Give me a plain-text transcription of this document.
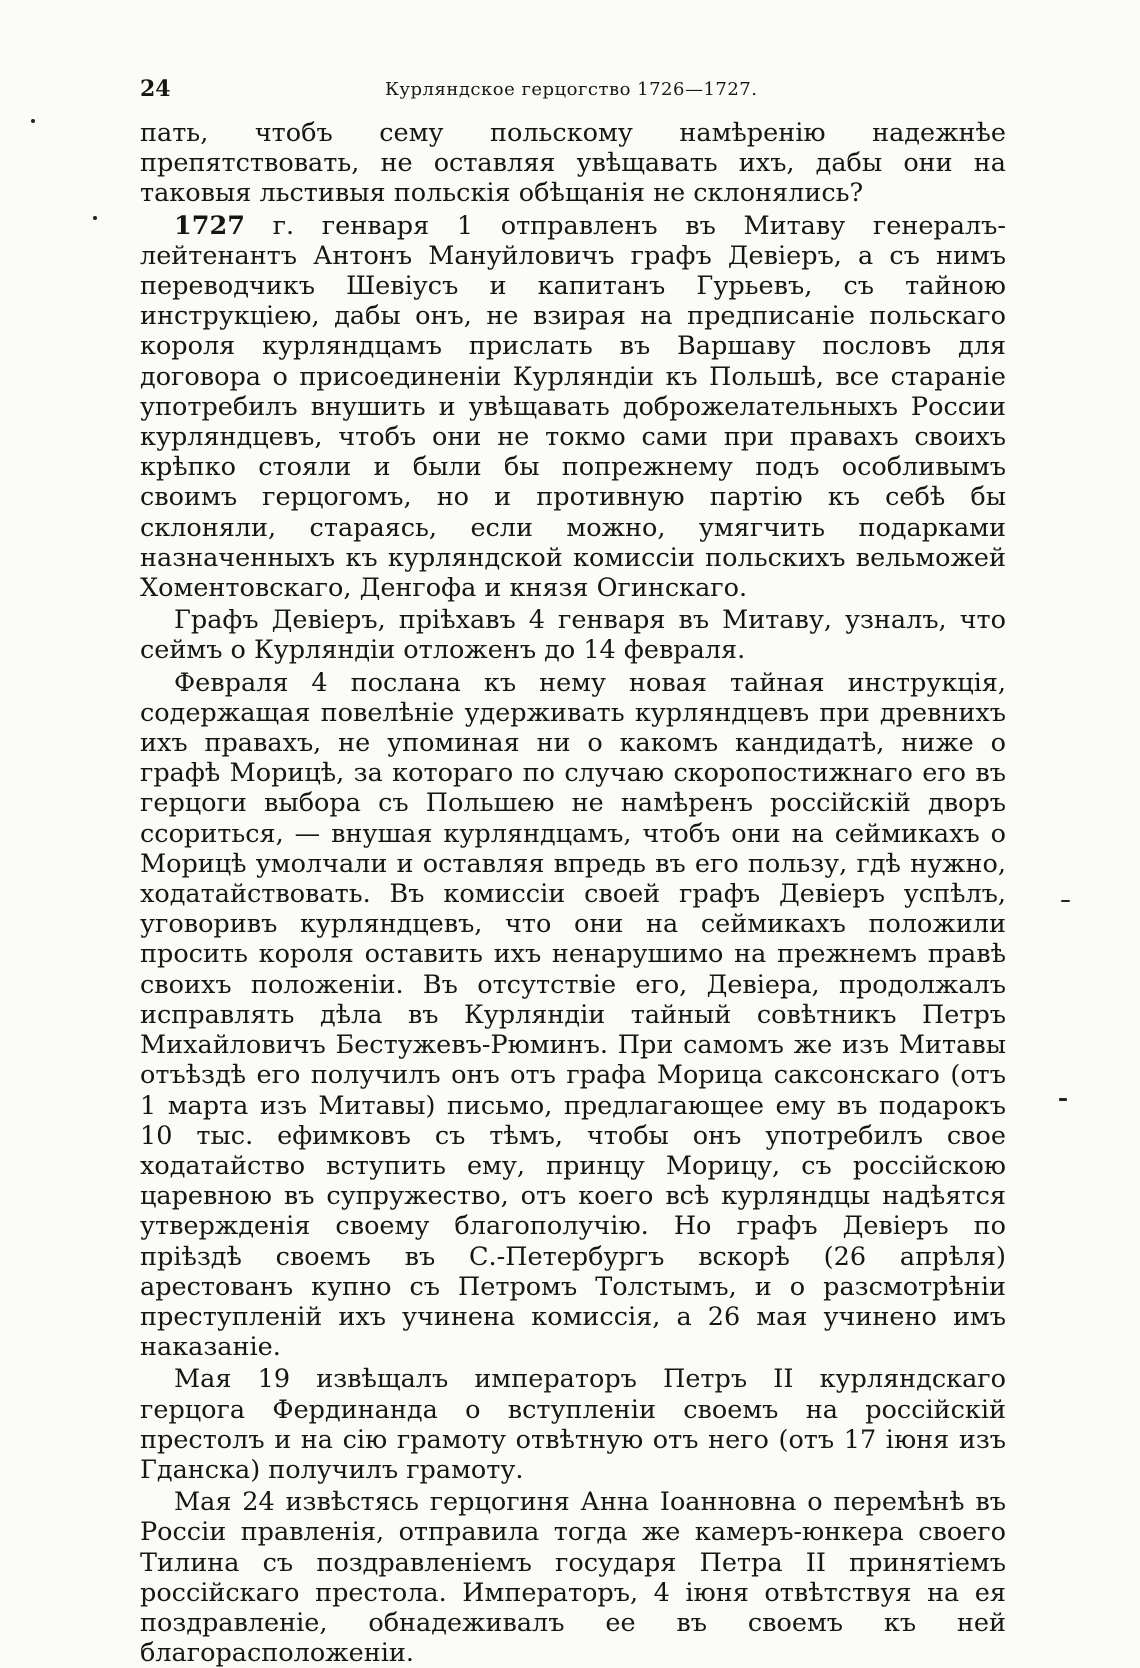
24	Курляндское герцогство 1726—1727.

пать, чтобъ сему польскому намѣренію надежнѣе препятствовать, не оставляя увѣщавать ихъ, дабы они на таковыя льстивыя польскія обѣщанія не склонялись?

1727 г. генваря 1 отправленъ въ Митаву генералъ-лейтенантъ Антонъ Мануйловичъ графъ Девіеръ, а съ нимъ переводчикъ Шевіусъ и капитанъ Гурьевъ, съ тайною инструкціею, дабы онъ, не взирая на предписаніе польскаго короля курляндцамъ прислать въ Варшаву пословъ для договора о присоединеніи Курляндіи къ Польшѣ, все стараніе употребилъ внушить и увѣщавать доброжелательныхъ России курляндцевъ, чтобъ они не токмо сами при правахъ своихъ крѣпко стояли и были бы попрежнему подъ особливымъ своимъ герцогомъ, но и противную партію къ себѣ бы склоняли, стараясь, если можно, умягчить подарками назначенныхъ къ курляндской комиссіи польскихъ вельможей Хоментовскаго, Денгофа и князя Огинскаго.

Графъ Девіеръ, пріѣхавъ 4 генваря въ Митаву, узналъ, что сеймъ о Курляндіи отложенъ до 14 февраля.

Февраля 4 послана къ нему новая тайная инструкція, содержащая повелѣніе удерживать курляндцевъ при древнихъ ихъ правахъ, не упоминая ни о какомъ кандидатѣ, ниже о графѣ Морицѣ, за котораго по случаю скоропостижнаго его въ герцоги выбора съ Польшею не намѣренъ россійскій дворъ ссориться, — внушая курляндцамъ, чтобъ они на сеймикахъ о Морицѣ умолчали и оставляя впредь въ его пользу, гдѣ нужно, ходатайствовать. Въ комиссіи своей графъ Девіеръ успѣлъ, уговоривъ курляндцевъ, что они на сеймикахъ положили просить короля оставить ихъ ненарушимо на прежнемъ правѣ своихъ положеніи. Въ отсутствіе его, Девіера, продолжалъ исправлять дѣла въ Курляндіи тайный совѣтникъ Петръ Михайловичъ Бестужевъ-Рюминъ. При самомъ же изъ Митавы отъѣздѣ его получилъ онъ отъ графа Морица саксонскаго (отъ 1 марта изъ Митавы) письмо, предлагающее ему въ подарокъ 10 тыс. ефимковъ съ тѣмъ, чтобы онъ употребилъ свое ходатайство вступить ему, принцу Морицу, съ россійскою царевною въ супружество, отъ коего всѣ курляндцы надѣятся утвержденія своему благополучію. Но графъ Девіеръ по пріѣздѣ своемъ въ С.-Петербургъ вскорѣ (26 апрѣля) арестованъ купно съ Петромъ Толстымъ, и о разсмотрѣніи преступленій ихъ учинена комиссія, а 26 мая учинено имъ наказаніе.

Мая 19 извѣщалъ императоръ Петръ II курляндскаго герцога Фердинанда о вступленіи своемъ на россійскій престолъ и на сію грамоту отвѣтную отъ него (отъ 17 іюня изъ Гданска) получилъ грамоту.

Мая 24 извѣстясь герцогиня Анна Іоанновна о перемѣнѣ въ Россіи правленія, отправила тогда же камеръ-юнкера своего Тилина съ поздравленіемъ государя Петра II принятіемъ россійскаго престола. Императоръ, 4 іюня отвѣтствуя на ея поздравленіе, обнадеживалъ ее въ своемъ къ ней благорасположеніи.
